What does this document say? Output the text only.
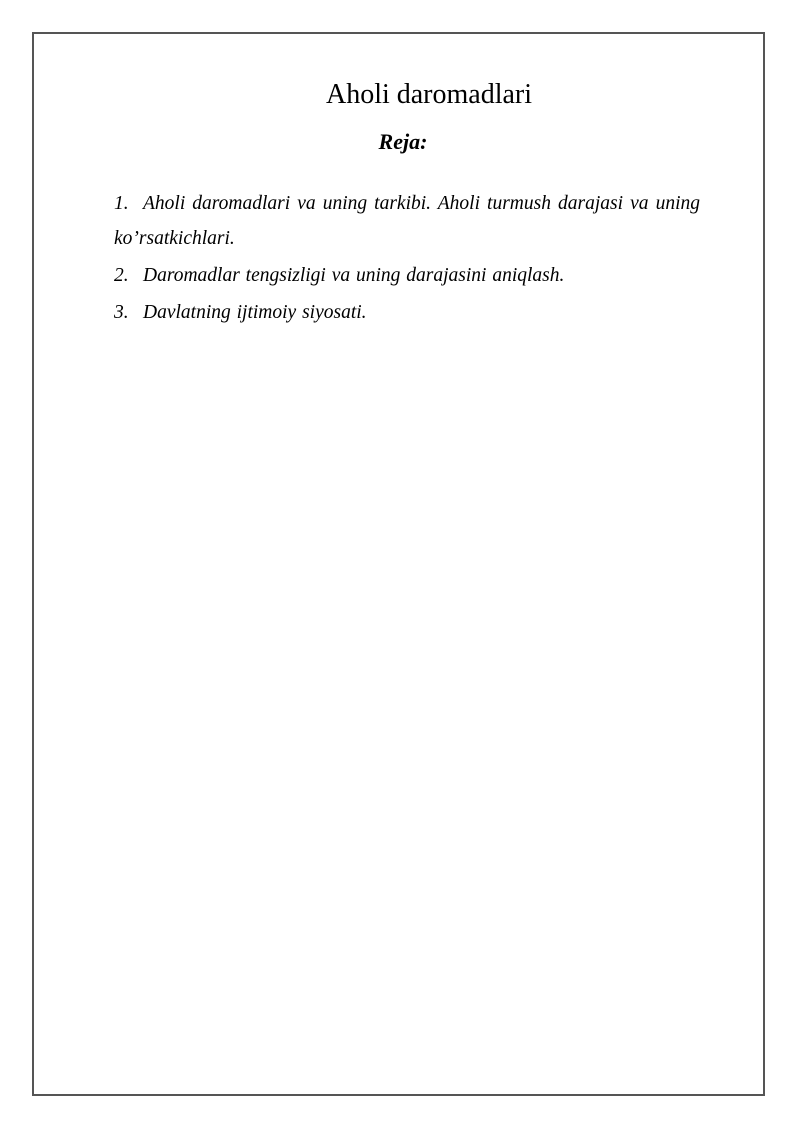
Aholi daromadlari
Reja:
1. Aholi daromadlari va uning tarkibi. Aholi turmush darajasi va uning ko’rsatkichlari.
2. Daromadlar tengsizligi va uning darajasini aniqlash.
3. Davlatning ijtimoiy siyosati.
